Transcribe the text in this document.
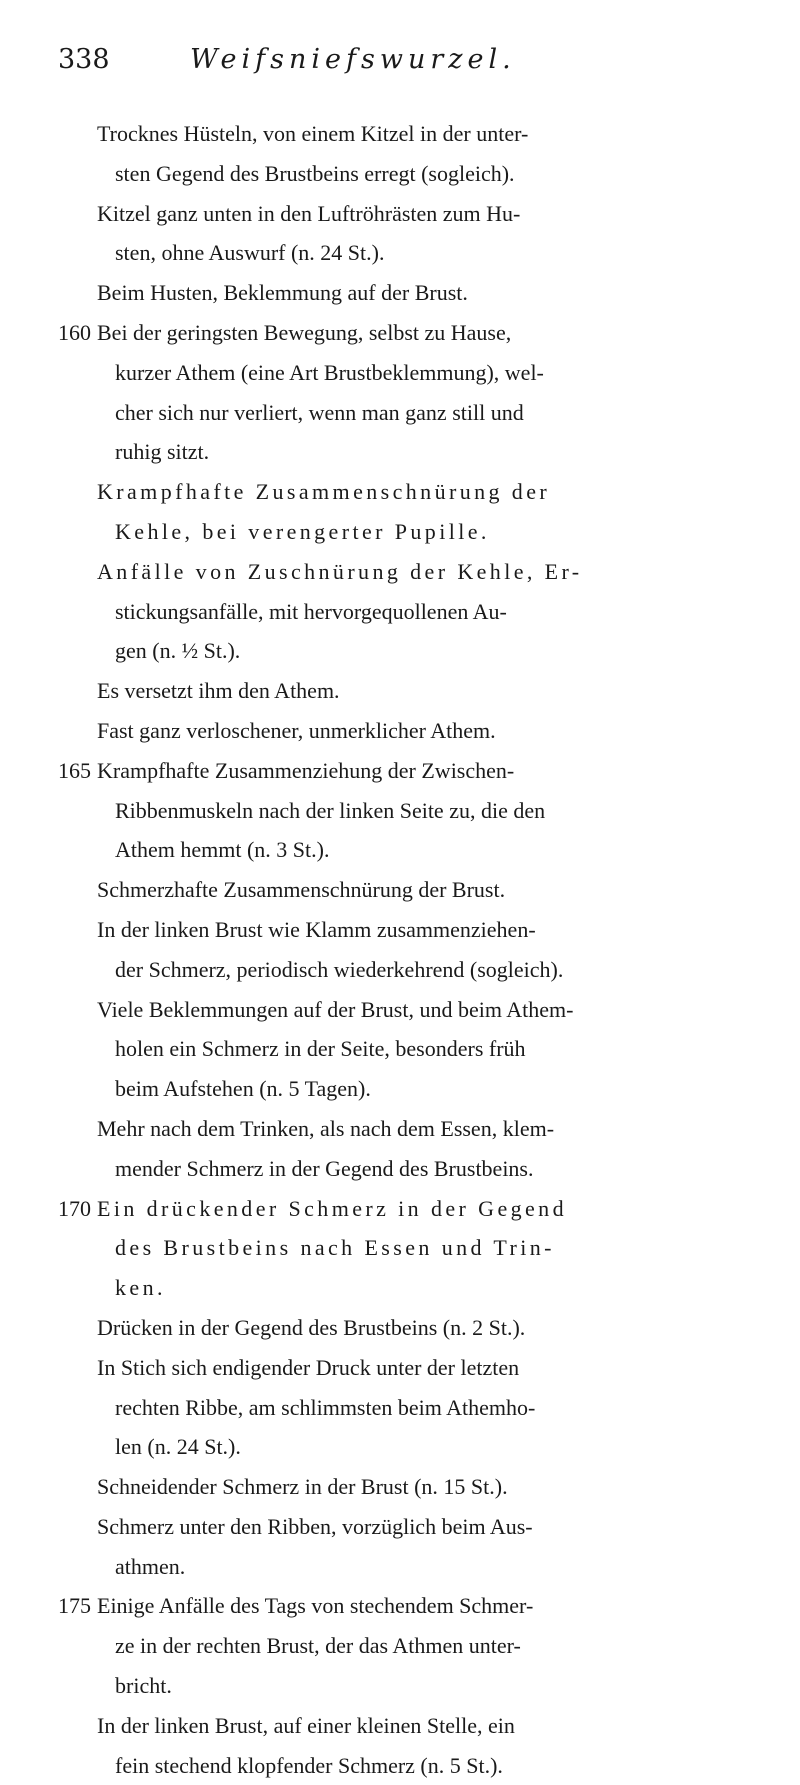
338	Weifsniefswurzel.
Trocknes Hüsteln, von einem Kitzel in der unter-
sten Gegend des Brustbeins erregt (sogleich).
Kitzel ganz unten in den Luftröhrästen zum Hu-
sten, ohne Auswurf (n. 24 St.).
Beim Husten, Beklemmung auf der Brust.
160 Bei der geringsten Bewegung, selbst zu Hause,
kurzer Athem (eine Art Brustbeklemmung), wel-
cher sich nur verliert, wenn man ganz still und
ruhig sitzt.
Krampfhafte Zusammenschnürung der
Kehle, bei verengerter Pupille.
Anfälle von Zuschnürung der Kehle, Er-
stickungsanfälle, mit hervorgequollenen Au-
gen (n. ½ St.).
Es versetzt ihm den Athem.
Fast ganz verloschener, unmerklicher Athem.
165 Krampfhafte Zusammenziehung der Zwischen-
Ribbenmuskeln nach der linken Seite zu, die den
Athem hemmt (n. 3 St.).
Schmerzhafte Zusammenschnürung der Brust.
In der linken Brust wie Klamm zusammenziehen-
der Schmerz, periodisch wiederkehrend (sogleich).
Viele Beklemmungen auf der Brust, und beim Athem-
holen ein Schmerz in der Seite, besonders früh
beim Aufstehen (n. 5 Tagen).
Mehr nach dem Trinken, als nach dem Essen, klem-
mender Schmerz in der Gegend des Brustbeins.
170 Ein drückender Schmerz in der Gegend
des Brustbeins nach Essen und Trin-
ken.
Drücken in der Gegend des Brustbeins (n. 2 St.).
In Stich sich endigender Druck unter der letzten
rechten Ribbe, am schlimmsten beim Athemho-
len (n. 24 St.).
Schneidender Schmerz in der Brust (n. 15 St.).
Schmerz unter den Ribben, vorzüglich beim Aus-
athmen.
175 Einige Anfälle des Tags von stechendem Schmer-
ze in der rechten Brust, der das Athmen unter-
bricht.
In der linken Brust, auf einer kleinen Stelle, ein
fein stechend klopfender Schmerz (n. 5 St.).
